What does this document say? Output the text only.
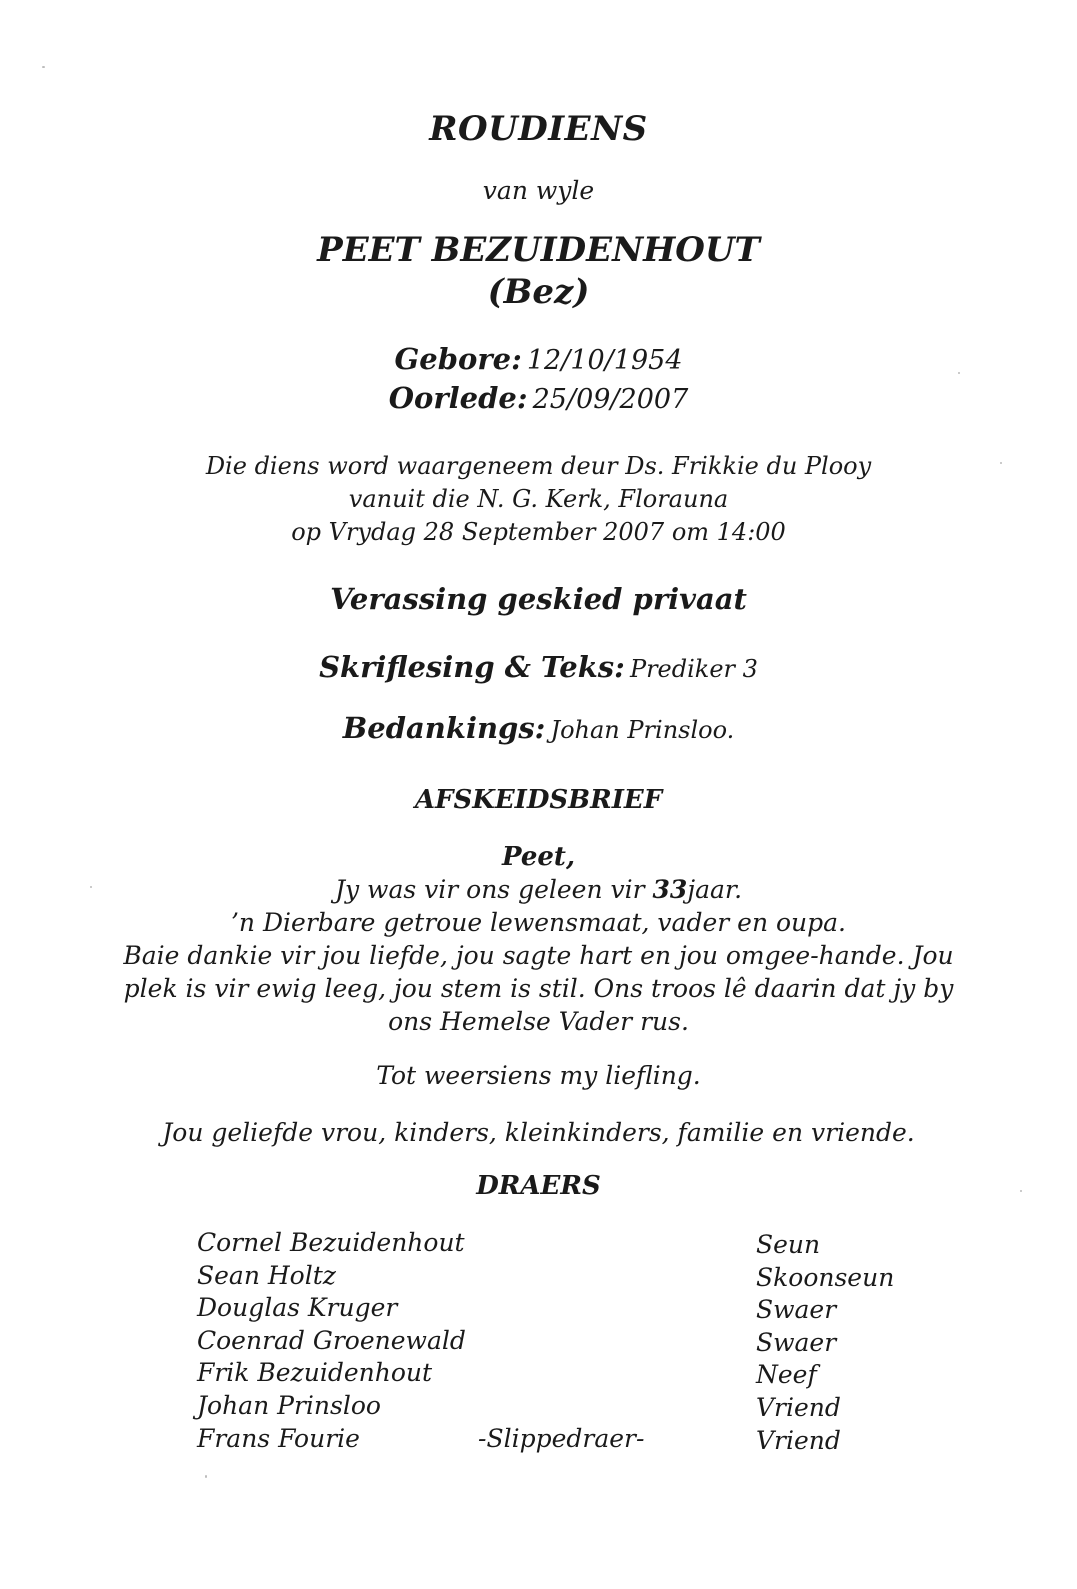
ROUDIENS
van wyle
PEET BEZUIDENHOUT
(Bez)
Gebore: 12/10/1954
Oorlede: 25/09/2007
Die diens word waargeneem deur Ds. Frikkie du Plooy
vanuit die N. G. Kerk, Florauna
op Vrydag 28 September 2007 om 14:00
Verassing geskied privaat
Skriflesing & Teks: Prediker 3
Bedankings: Johan Prinsloo.
AFSKEIDSBRIEF
Peet,
Jy was vir ons geleen vir 33jaar.
’n Dierbare getroue lewensmaat, vader en oupa.
Baie dankie vir jou liefde, jou sagte hart en jou omgee-hande. Jou
plek is vir ewig leeg, jou stem is stil. Ons troos lê daarin dat jy by
ons Hemelse Vader rus.
Tot weersiens my liefling.
Jou geliefde vrou, kinders, kleinkinders, familie en vriende.
DRAERS
Cornel Bezuidenhout	Seun
Sean Holtz	Skoonseun
Douglas Kruger	Swaer
Coenrad Groenewald	Swaer
Frik Bezuidenhout	Neef
Johan Prinsloo	Vriend
Frans Fourie	-Slippedraer-	Vriend
